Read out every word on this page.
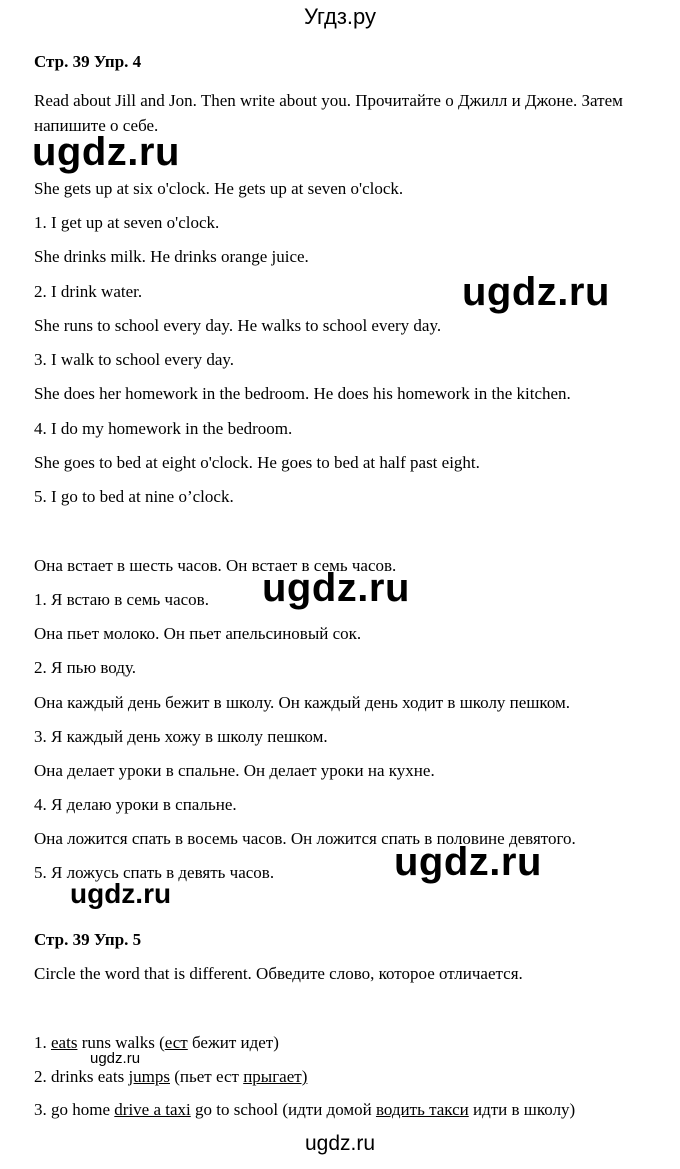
Угдз.ру
Стр. 39 Упр. 4
Read about Jill and Jon. Then write about you. Прочитайте о Джилл и Джоне. Затем напишите о себе.
She gets up at six o'clock. He gets up at seven o'clock.
1. I get up at seven o'clock.
She drinks milk. He drinks orange juice.
2. I drink water.
She runs to school every day. He walks to school every day.
3. I walk to school every day.
She does her homework in the bedroom. He does his homework in the kitchen.
4. I do my homework in the bedroom.
She goes to bed at eight o'clock. He goes to bed at half past eight.
5. I go to bed at nine o’clock.
Она встает в шесть часов. Он встает в семь часов.
1. Я встаю в семь часов.
Она пьет молоко. Он пьет апельсиновый сок.
2. Я пью воду.
Она каждый день бежит в школу. Он каждый день ходит в школу пешком.
3. Я каждый день хожу в школу пешком.
Она делает уроки в спальне. Он делает уроки на кухне.
4. Я делаю уроки в спальне.
Она ложится спать в восемь часов. Он ложится спать в половине девятого.
5. Я ложусь спать в девять часов.
Стр. 39 Упр. 5
Circle the word that is different. Обведите слово, которое отличается.
1. eats runs walks (ест бежит идет)
2. drinks eats jumps (пьет ест прыгает)
3. go home drive a taxi go to school (идти домой водить такси идти в школу)
ugdz.ru
ugdz.ru
ugdz.ru
ugdz.ru
ugdz.ru
ugdz.ru
ugdz.ru
